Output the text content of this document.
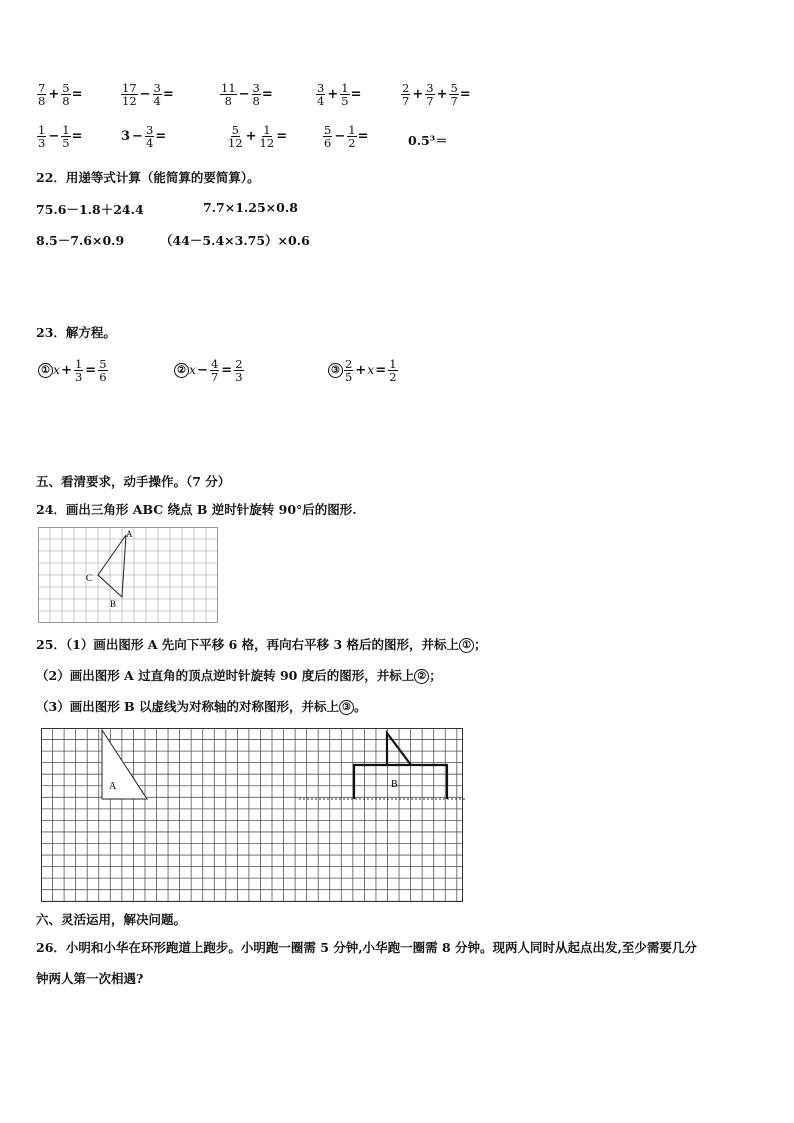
$\frac{7}{8} + \frac{5}{8}$ =	$\frac{17}{12} - \frac{3}{4}$ =	$\frac{11}{8} - \frac{3}{8}$ =	$\frac{3}{4} + \frac{1}{5}$ =	$\frac{2}{7} + \frac{3}{7} + \frac{5}{7}$ =
$\frac{1}{3} - \frac{1}{5}$ =	$3 - \frac{3}{4}$ =	$\frac{5}{12} + \frac{1}{12}$ =	$\frac{5}{6} - \frac{1}{2}$ =	0.5³＝
22．用递等式计算（能简算的要简算）。
75.6－1.8＋24.4	7.7×1.25×0.8
8.5－7.6×0.9	（44－5.4×3.75）×0.6
23．解方程。
① $x+ \frac{1}{3} = \frac{5}{6}$	② $x- \frac{4}{7} = \frac{2}{3}$	③ $\frac{2}{5} +x= \frac{1}{2}$
五、看清要求，动手操作。（7 分）
24．画出三角形 ABC 绕点 B 逆时针旋转 90°后的图形.
A
B
C
25．（1）画出图形 A 先向下平移 6 格，再向右平移 3 格后的图形，并标上 ① ；
（2）画出图形 A 过直角的顶点逆时针旋转 90 度后的图形，并标上 ② ；
（3）画出图形 B 以虚线为对称轴的对称图形，并标上 ③ 。
A	B
六、灵活运用，解决问题。
26．小明和小华在环形跑道上跑步。小明跑一圈需 5 分钟,小华跑一圈需 8 分钟。现两人同时从起点出发,至少需要几分
钟两人第一次相遇?
